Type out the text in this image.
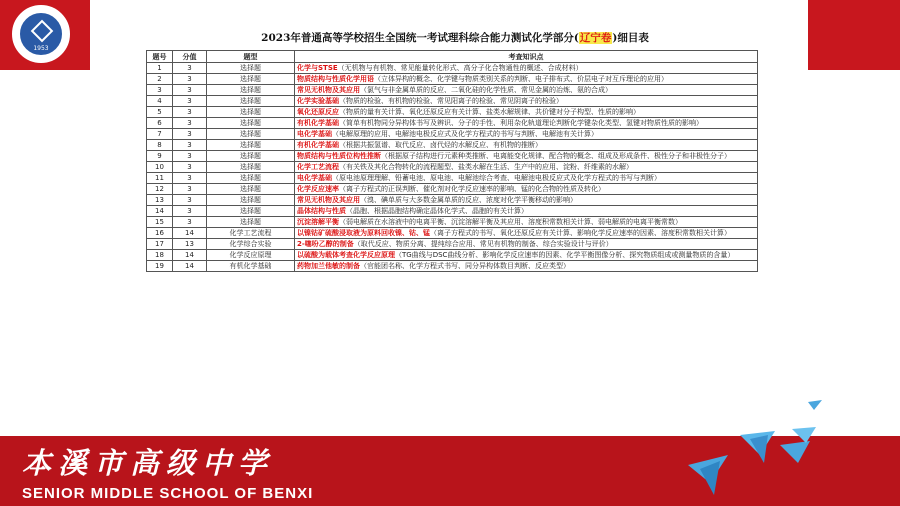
1953
2023年普通高等学校招生全国统一考试理科综合能力测试化学部分(辽宁卷)细目表
题号	分值	题型	考查知识点
1	3	选择题	化学与STSE（无机物与有机物、常见能量转化形式、高分子化合物通性的概述、合成材料）
2	3	选择题	物质结构与性质化学用语（立体异构的概念、化学键与物质类别关系的判断、电子排布式、价层电子对互斥理论的应用）
3	3	选择题	常见无机物及其应用（氯气与非金属单质的反应、二氧化硅的化学性质、常见金属的冶炼、氨的合成）
4	3	选择题	化学实验基础（物质的检验、有机物的检验、常见阳离子的检验、常见阴离子的检验）
5	3	选择题	氧化还原反应（物质的量有关计算、氧化还原反应有关计算、盐类水解规律、共价键对分子构型、性质的影响）
6	3	选择题	有机化学基础（简单有机物同分异构体书写及辨识、分子的手性、利用杂化轨道理论判断化学键杂化类型、氢键对物质性质的影响）
7	3	选择题	电化学基础（电解原理的应用、电解池电极反应式及化学方程式的书写与判断、电解池有关计算）
8	3	选择题	有机化学基础（根据共振氢谱、取代反应、卤代烃的水解反应、有机物的推断）
9	3	选择题	物质结构与性质位构性推断（根据原子结构进行元素种类推断、电离能变化规律、配合物的概念、组成及形成条件、极性分子和非极性分子）
10	3	选择题	化学工艺流程（有关铁及其化合物转化的流程题型、盐类水解在生活、生产中的应用、淀粉、纤维素的水解）
11	3	选择题	电化学基础（原电池原理理解、铅蓄电池、原电池、电解池综合考查、电解池电极反应式及化学方程式的书写与判断）
12	3	选择题	化学反应速率（离子方程式的正误判断、催化剂对化学反应速率的影响、锰的化合物的性质及转化）
13	3	选择题	常见无机物及其应用（溴、碘单质与大多数金属单质的反应、浓度对化学平衡移动的影响）
14	3	选择题	晶体结构与性质（晶胞、根据晶胞结构确定晶体化学式、晶胞的有关计算）
15	3	选择题	沉淀溶解平衡（弱电解质在水溶液中的电离平衡、沉淀溶解平衡及其应用、溶度积常数相关计算、弱电解质的电离平衡常数）
16	14	化学工艺流程	以镍钴矿硫酸浸取液为原料回收镍、钴、锰（离子方程式的书写、氧化还原反应有关计算、影响化学反应速率的因素、溶度积常数相关计算）
17	13	化学综合实验	2-噻吩乙醇的制备（取代反应、物质分离、提纯综合应用、常见有机物的制备、综合实验设计与评价）
18	14	化学反应原理	以硫酸为载体考查化学反应原理（TG曲线与DSC曲线分析、影响化学反应速率的因素、化学平衡图像分析、探究物质组成或测量物质的含量）
19	14	有机化学基础	药物加兰他敏的制备（官能团名称、化学方程式书写、同分异构体数目判断、反应类型）
本溪市高级中学
SENIOR MIDDLE SCHOOL OF BENXI
